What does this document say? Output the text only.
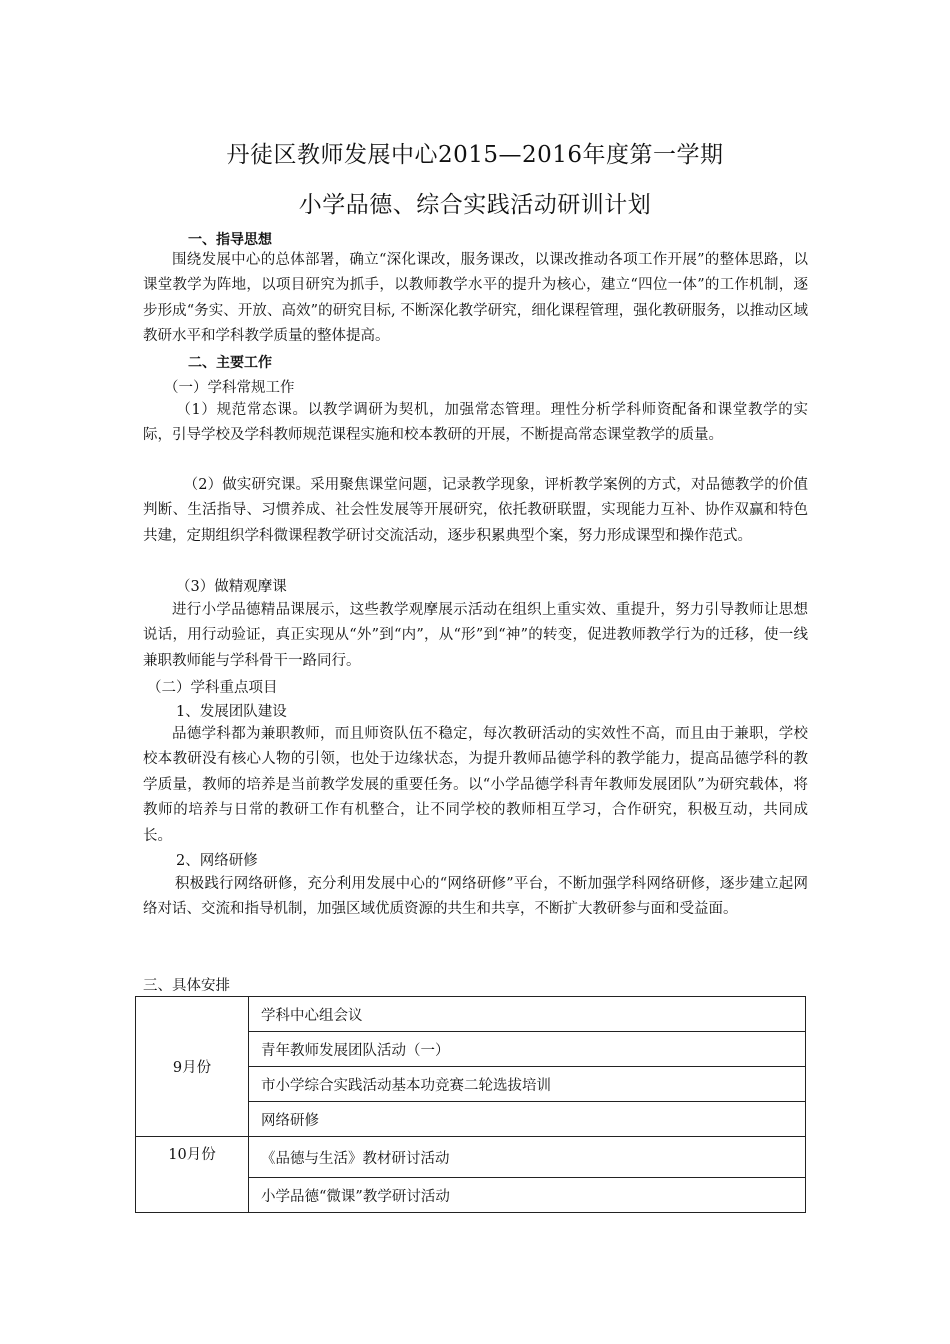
丹徒区教师发展中心2015—2016年度第一学期
小学品德、综合实践活动研训计划
一、指导思想

围绕发展中心的总体部署，确立“深化课改，服务课改，以课改推动各项工作开展”的整体思路，以课堂教学为阵地，以项目研究为抓手，以教师教学水平的提升为核心，建立“四位一体”的工作机制，逐步形成“务实、开放、高效”的研究目标, 不断深化教学研究，细化课程管理，强化教研服务，以推动区域教研水平和学科教学质量的整体提高。

二、主要工作
（一）学科常规工作

（1）规范常态课。以教学调研为契机，加强常态管理。理性分析学科师资配备和课堂教学的实际，引导学校及学科教师规范课程实施和校本教研的开展，不断提高常态课堂教学的质量。

（2）做实研究课。采用聚焦课堂问题，记录教学现象，评析教学案例的方式，对品德教学的价值判断、生活指导、习惯养成、社会性发展等开展研究，依托教研联盟，实现能力互补、协作双赢和特色共建，定期组织学科微课程教学研讨交流活动，逐步积累典型个案，努力形成课型和操作范式。

（3）做精观摩课

进行小学品德精品课展示，这些教学观摩展示活动在组织上重实效、重提升，努力引导教师让思想说话，用行动验证，真正实现从“外”到“内”，从“形”到“神”的转变，促进教师教学行为的迁移，使一线兼职教师能与学科骨干一路同行。

（二）学科重点项目
1、发展团队建设

品德学科都为兼职教师，而且师资队伍不稳定，每次教研活动的实效性不高，而且由于兼职，学校校本教研没有核心人物的引领，也处于边缘状态，为提升教师品德学科的教学能力，提高品德学科的教学质量，教师的培养是当前教学发展的重要任务。以“小学品德学科青年教师发展团队”为研究载体，将教师的培养与日常的教研工作有机整合，让不同学校的教师相互学习，合作研究，积极互动，共同成长。

2、网络研修

积极践行网络研修，充分利用发展中心的“网络研修”平台，不断加强学科网络研修，逐步建立起网络对话、交流和指导机制，加强区域优质资源的共生和共享，不断扩大教研参与面和受益面。

三、具体安排
9月份	学科中心组会议
	青年教师发展团队活动（一）
	市小学综合实践活动基本功竞赛二轮选拔培训
	网络研修
10月份	《品德与生活》教材研讨活动
	小学品德“微课”教学研讨活动
